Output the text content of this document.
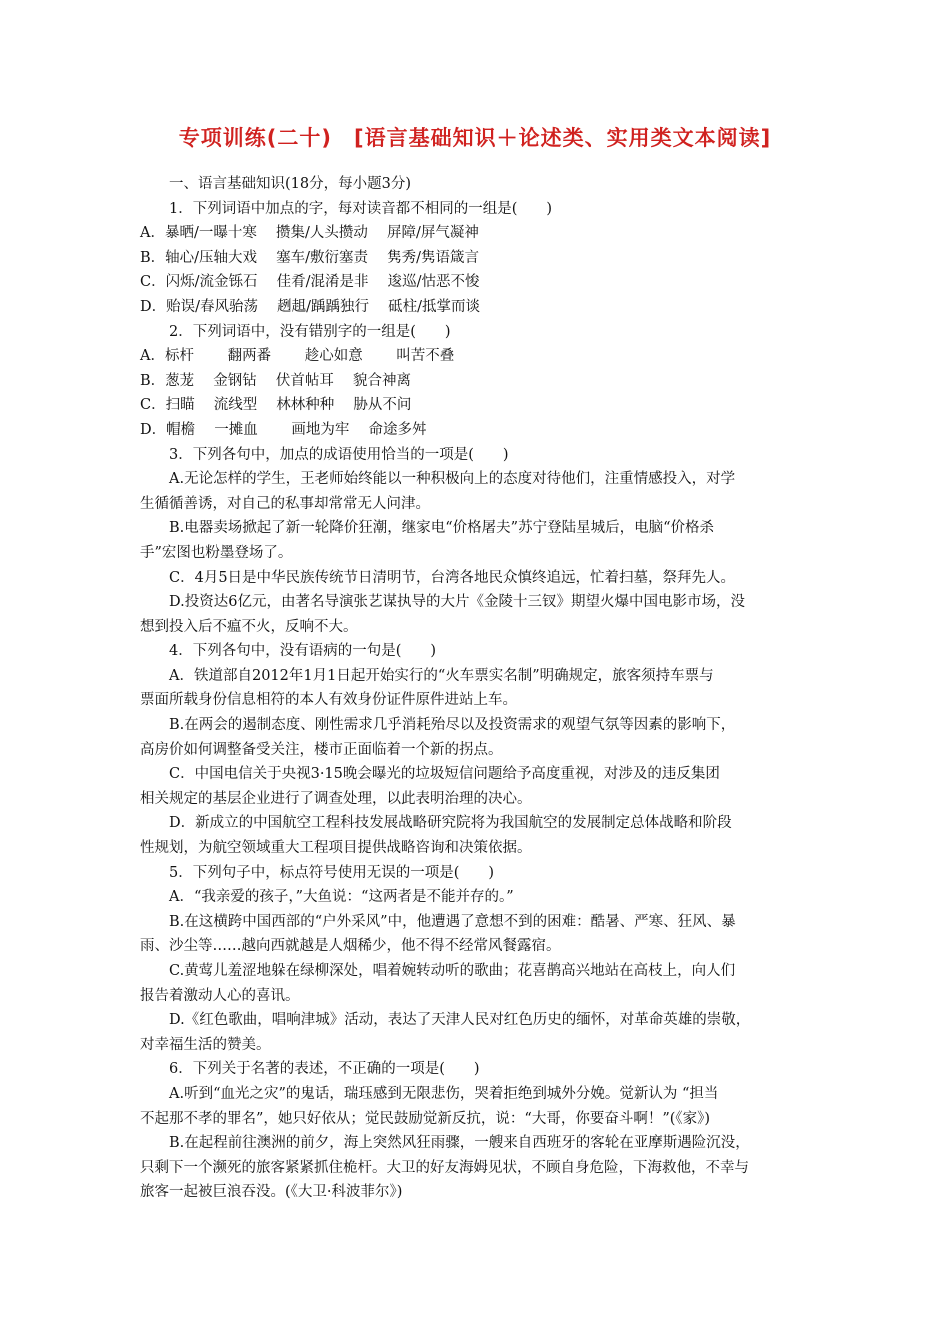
专项训练(二十)　[语言基础知识＋论述类、实用类文本阅读]
一、语言基础知识(18分，每小题3分)
1．下列词语中加点的字，每对读音都不相同的一组是(　　)
A．暴晒/一曝十寒　 攒集/人头攒动　 屏障/屏气凝神
B．轴心/压轴大戏　 塞车/敷衍塞责　 隽秀/隽语箴言
C．闪烁/流金铄石　 佳肴/混淆是非　 逡巡/怙恶不悛
D．贻误/春风骀荡　 趔趄/踽踽独行　 砥柱/抵掌而谈
2．下列词语中，没有错别字的一组是(　　)
A．标杆　　 翻两番　　 趁心如意　　 叫苦不叠
B．葱茏　 金钢钻　 伏首帖耳　 貌合神离
C．扫瞄　 流线型　 林林种种　 胁从不问
D．帽檐　 一摊血　　 画地为牢　 命途多舛
3．下列各句中，加点的成语使用恰当的一项是(　　)
A.无论怎样的学生，王老师始终能以一种积极向上的态度对待他们，注重情感投入，对学
生循循善诱，对自己的私事却常常无人问津。
B.电器卖场掀起了新一轮降价狂潮，继家电“价格屠夫”苏宁登陆星城后，电脑“价格杀
手”宏图也粉墨登场了。
C．4月5日是中华民族传统节日清明节，台湾各地民众慎终追远，忙着扫墓，祭拜先人。
D.投资达6亿元，由著名导演张艺谋执导的大片《金陵十三钗》期望火爆中国电影市场，没
想到投入后不瘟不火，反响不大。
4．下列各句中，没有语病的一句是(　　)
A．铁道部自2012年1月1日起开始实行的“火车票实名制”明确规定，旅客须持车票与
票面所载身份信息相符的本人有效身份证件原件进站上车。
B.在两会的遏制态度、刚性需求几乎消耗殆尽以及投资需求的观望气氛等因素的影响下，
高房价如何调整备受关注，楼市正面临着一个新的拐点。
C．中国电信关于央视3·15晚会曝光的垃圾短信问题给予高度重视，对涉及的违反集团
相关规定的基层企业进行了调查处理，以此表明治理的决心。
D．新成立的中国航空工程科技发展战略研究院将为我国航空的发展制定总体战略和阶段
性规划，为航空领域重大工程项目提供战略咨询和决策依据。
5．下列句子中，标点符号使用无误的一项是(　　)
A．“我亲爱的孩子，”大鱼说：“这两者是不能并存的。”
B.在这横跨中国西部的“户外采风”中，他遭遇了意想不到的困难：酷暑、严寒、狂风、暴
雨、沙尘等……越向西就越是人烟稀少，他不得不经常风餐露宿。
C.黄莺儿羞涩地躲在绿柳深处，唱着婉转动听的歌曲；花喜鹊高兴地站在高枝上，向人们
报告着激动人心的喜讯。
D.《红色歌曲，唱响津城》活动，表达了天津人民对红色历史的缅怀，对革命英雄的崇敬，
对幸福生活的赞美。
6．下列关于名著的表述，不正确的一项是(　　)
A.听到“血光之灾”的鬼话，瑞珏感到无限悲伤，哭着拒绝到城外分娩。觉新认为 “担当
不起那不孝的罪名”，她只好依从；觉民鼓励觉新反抗，说：“大哥，你要奋斗啊！”(《家》)
B.在起程前往澳洲的前夕，海上突然风狂雨骤，一艘来自西班牙的客轮在亚摩斯遇险沉没，
只剩下一个濒死的旅客紧紧抓住桅杆。大卫的好友海姆见状，不顾自身危险，下海救他，不幸与
旅客一起被巨浪吞没。(《大卫·科波菲尔》)
